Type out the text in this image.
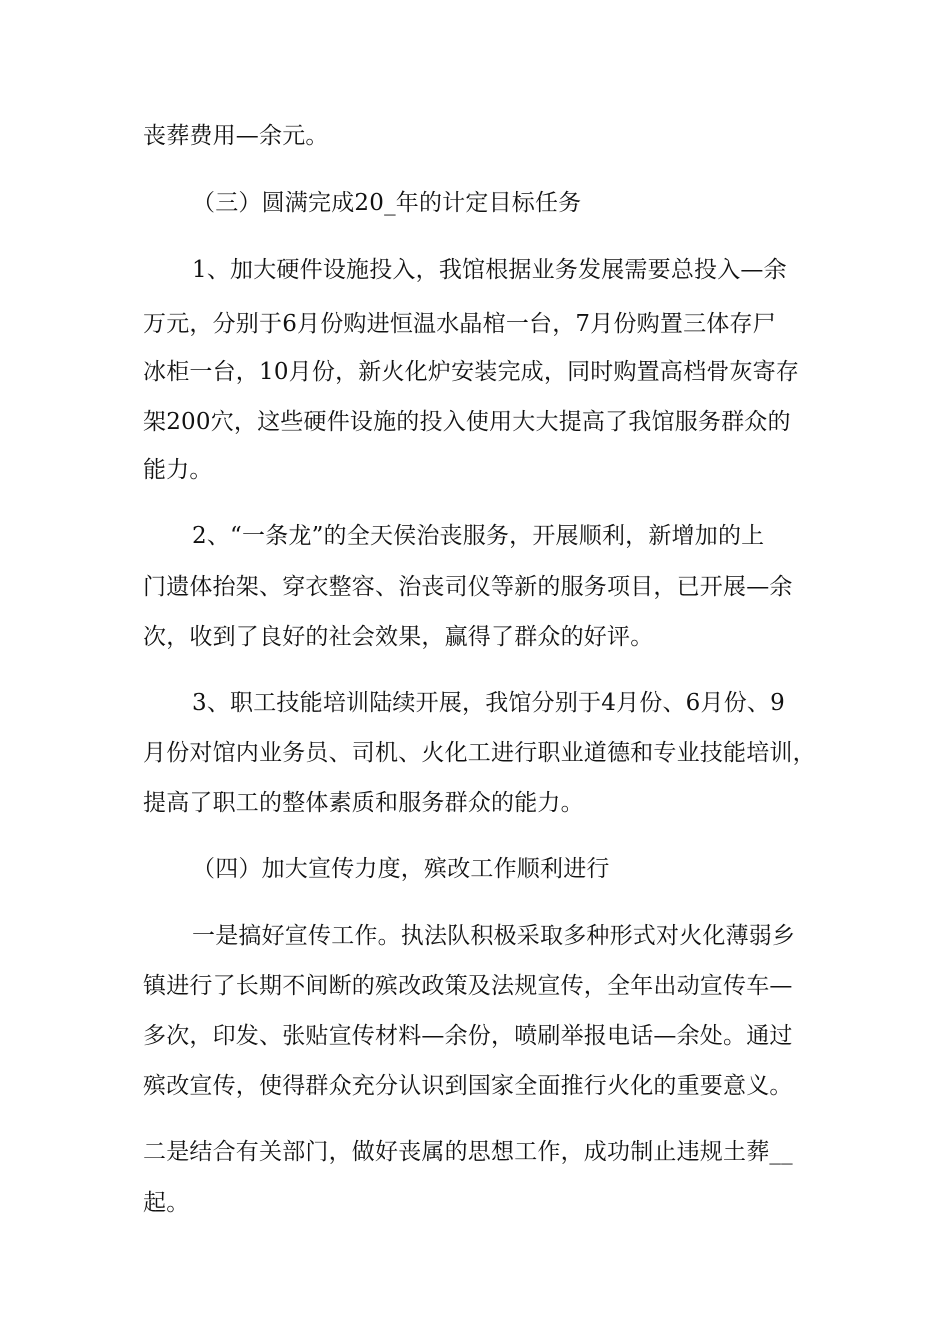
丧葬费用—余元。
（三）圆满完成20_年的计定目标任务
1、加大硬件设施投入，我馆根据业务发展需要总投入—余
万元，分别于6月份购进恒温水晶棺一台，7月份购置三体存尸
冰柜一台，10月份，新火化炉安装完成，同时购置高档骨灰寄存
架200穴，这些硬件设施的投入使用大大提高了我馆服务群众的
能力。
2、“一条龙”的全天侯治丧服务，开展顺利，新增加的上
门遗体抬架、穿衣整容、治丧司仪等新的服务项目，已开展—余
次，收到了良好的社会效果，赢得了群众的好评。
3、职工技能培训陆续开展，我馆分别于4月份、6月份、9
月份对馆内业务员、司机、火化工进行职业道德和专业技能培训，
提高了职工的整体素质和服务群众的能力。
（四）加大宣传力度，殡改工作顺利进行
一是搞好宣传工作。执法队积极采取多种形式对火化薄弱乡
镇进行了长期不间断的殡改政策及法规宣传，全年出动宣传车—
多次，印发、张贴宣传材料—余份，喷刷举报电话—余处。通过
殡改宣传，使得群众充分认识到国家全面推行火化的重要意义。
二是结合有关部门，做好丧属的思想工作，成功制止违规土葬__
起。
